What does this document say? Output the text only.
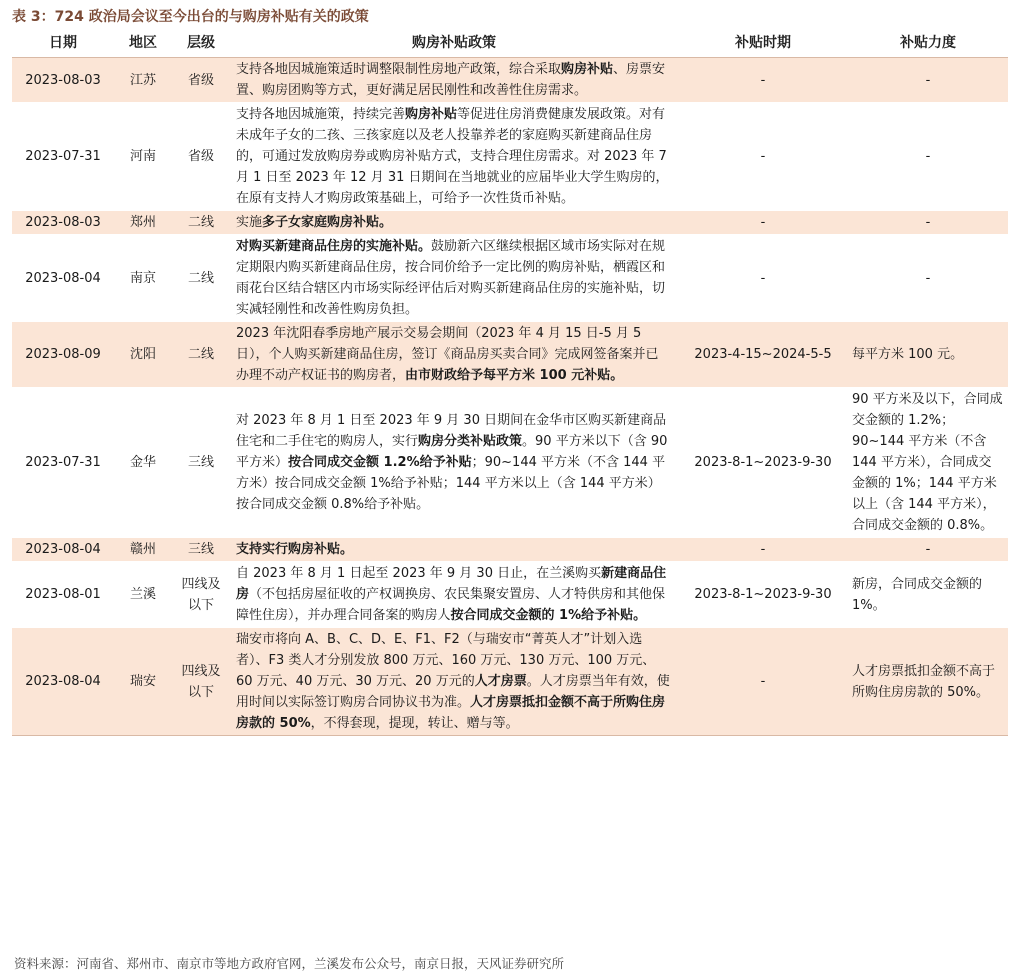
表 3：724 政治局会议至今出台的与购房补贴有关的政策
日期	地区	层级	购房补贴政策	补贴时期	补贴力度
2023-08-03	江苏	省级	支持各地因城施策适时调整限制性房地产政策，综合采取购房补贴、房票安置、购房团购等方式，更好满足居民刚性和改善性住房需求。	-	-
2023-07-31	河南	省级	支持各地因城施策，持续完善购房补贴等促进住房消费健康发展政策。对有未成年子女的二孩、三孩家庭以及老人投靠养老的家庭购买新建商品住房的，可通过发放购房券或购房补贴方式，支持合理住房需求。对 2023 年 7 月 1 日至 2023 年 12 月 31 日期间在当地就业的应届毕业大学生购房的，在原有支持人才购房政策基础上，可给予一次性货币补贴。	-	-
2023-08-03	郑州	二线	实施多子女家庭购房补贴。	-	-
2023-08-04	南京	二线	对购买新建商品住房的实施补贴。鼓励新六区继续根据区域市场实际对在规定期限内购买新建商品住房，按合同价给予一定比例的购房补贴，栖霞区和雨花台区结合辖区内市场实际经评估后对购买新建商品住房的实施补贴，切实减轻刚性和改善性购房负担。	-	-
2023-08-09	沈阳	二线	2023 年沈阳春季房地产展示交易会期间（2023 年 4 月 15 日-5 月 5 日），个人购买新建商品住房，签订《商品房买卖合同》完成网签备案并已办理不动产权证书的购房者，由市财政给予每平方米 100 元补贴。	2023-4-15~2024-5-5	每平方米 100 元。
2023-07-31	金华	三线	对 2023 年 8 月 1 日至 2023 年 9 月 30 日期间在金华市区购买新建商品住宅和二手住宅的购房人，实行购房分类补贴政策。90 平方米以下（含 90 平方米）按合同成交金额 1.2%给予补贴；90~144 平方米（不含 144 平方米）按合同成交金额 1%给予补贴；144 平方米以上（含 144 平方米）按合同成交金额 0.8%给予补贴。	2023-8-1~2023-9-30	90 平方米及以下，合同成交金额的 1.2%；90~144 平方米（不含 144 平方米），合同成交金额的 1%；144 平方米以上（含 144 平方米），合同成交金额的 0.8%。
2023-08-04	赣州	三线	支持实行购房补贴。	-	-
2023-08-01	兰溪	四线及以下	自 2023 年 8 月 1 日起至 2023 年 9 月 30 日止，在兰溪购买新建商品住房（不包括房屋征收的产权调换房、农民集聚安置房、人才特供房和其他保障性住房），并办理合同备案的购房人按合同成交金额的 1%给予补贴。	2023-8-1~2023-9-30	新房，合同成交金额的 1%。
2023-08-04	瑞安	四线及以下	瑞安市将向 A、B、C、D、E、F1、F2（与瑞安市“菁英人才”计划入选者）、F3 类人才分别发放 800 万元、160 万元、130 万元、100 万元、60 万元、40 万元、30 万元、20 万元的人才房票。人才房票当年有效，使用时间以实际签订购房合同协议书为准。人才房票抵扣金额不高于所购住房房款的 50%，不得套现，提现，转让、赠与等。	-	人才房票抵扣金额不高于所购住房房款的 50%。
资料来源：河南省、郑州市、南京市等地方政府官网，兰溪发布公众号，南京日报，天风证券研究所
